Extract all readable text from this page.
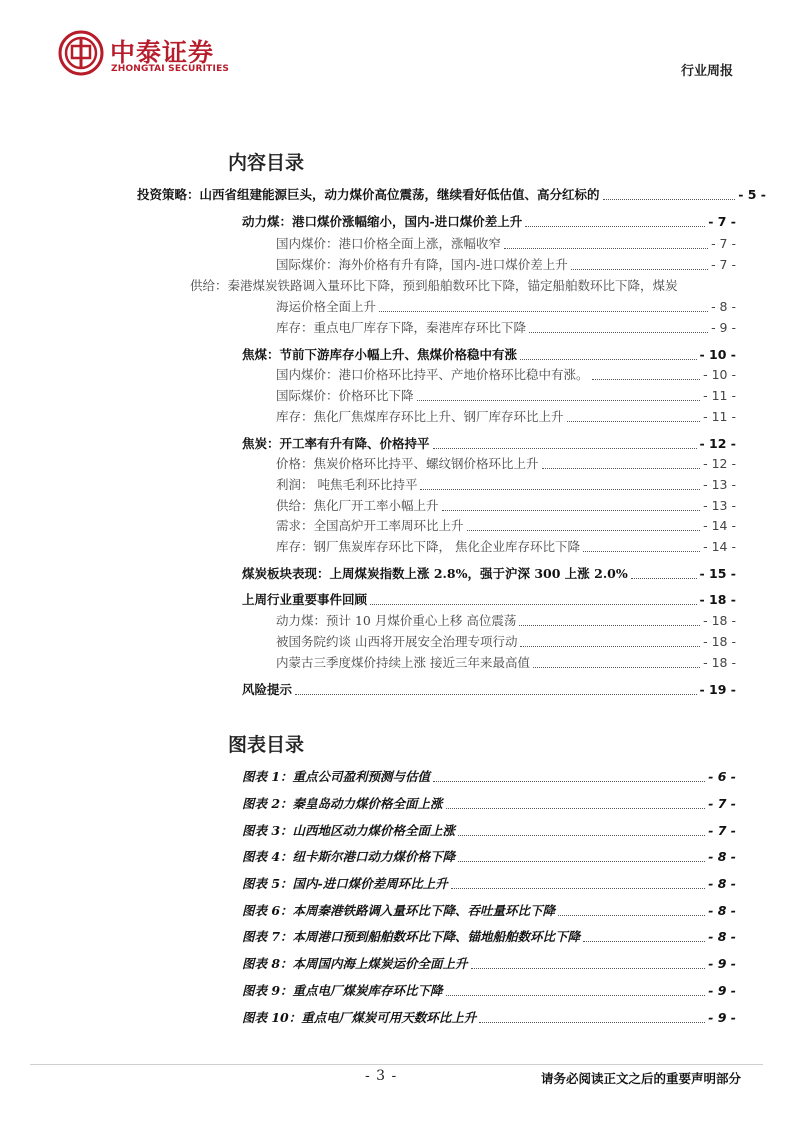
中泰证券
ZHONGTAI SECURITIES	行业周报
内容目录
投资策略：山西省组建能源巨头，动力煤价高位震荡，继续看好低估值、高分红标的	- 5 -
动力煤：港口煤价涨幅缩小，国内-进口煤价差上升	- 7 -
国内煤价：港口价格全面上涨，涨幅收窄	- 7 -
国际煤价：海外价格有升有降，国内-进口煤价差上升	- 7 -
供给：秦港煤炭铁路调入量环比下降，预到船舶数环比下降，锚定船舶数环比下降，煤炭
海运价格全面上升	- 8 -
库存：重点电厂库存下降，秦港库存环比下降	- 9 -
焦煤：节前下游库存小幅上升、焦煤价格稳中有涨	- 10 -
国内煤价：港口价格环比持平、产地价格环比稳中有涨。	- 10 -
国际煤价：价格环比下降	- 11 -
库存：焦化厂焦煤库存环比上升、钢厂库存环比上升	- 11 -
焦炭：开工率有升有降、价格持平	- 12 -
价格：焦炭价格环比持平、螺纹钢价格环比上升	- 12 -
利润： 吨焦毛利环比持平	- 13 -
供给：焦化厂开工率小幅上升	- 13 -
需求：全国高炉开工率周环比上升	- 14 -
库存：钢厂焦炭库存环比下降， 焦化企业库存环比下降	- 14 -
煤炭板块表现：上周煤炭指数上涨 2.8%，强于沪深 300 上涨 2.0%	- 15 -
上周行业重要事件回顾	- 18 -
动力煤：预计 10 月煤价重心上移 高位震荡	- 18 -
被国务院约谈 山西将开展安全治理专项行动	- 18 -
内蒙古三季度煤价持续上涨 接近三年来最高值	- 18 -
风险提示	- 19 -
图表目录
图表 1：重点公司盈利预测与估值	- 6 -
图表 2：秦皇岛动力煤价格全面上涨	- 7 -
图表 3：山西地区动力煤价格全面上涨	- 7 -
图表 4：纽卡斯尔港口动力煤价格下降	- 8 -
图表 5：国内-进口煤价差周环比上升	- 8 -
图表 6：本周秦港铁路调入量环比下降、吞吐量环比下降	- 8 -
图表 7：本周港口预到船舶数环比下降、锚地船舶数环比下降	- 8 -
图表 8：本周国内海上煤炭运价全面上升	- 9 -
图表 9：重点电厂煤炭库存环比下降	- 9 -
图表 10：重点电厂煤炭可用天数环比上升	- 9 -
- 3 -	请务必阅读正文之后的重要声明部分
